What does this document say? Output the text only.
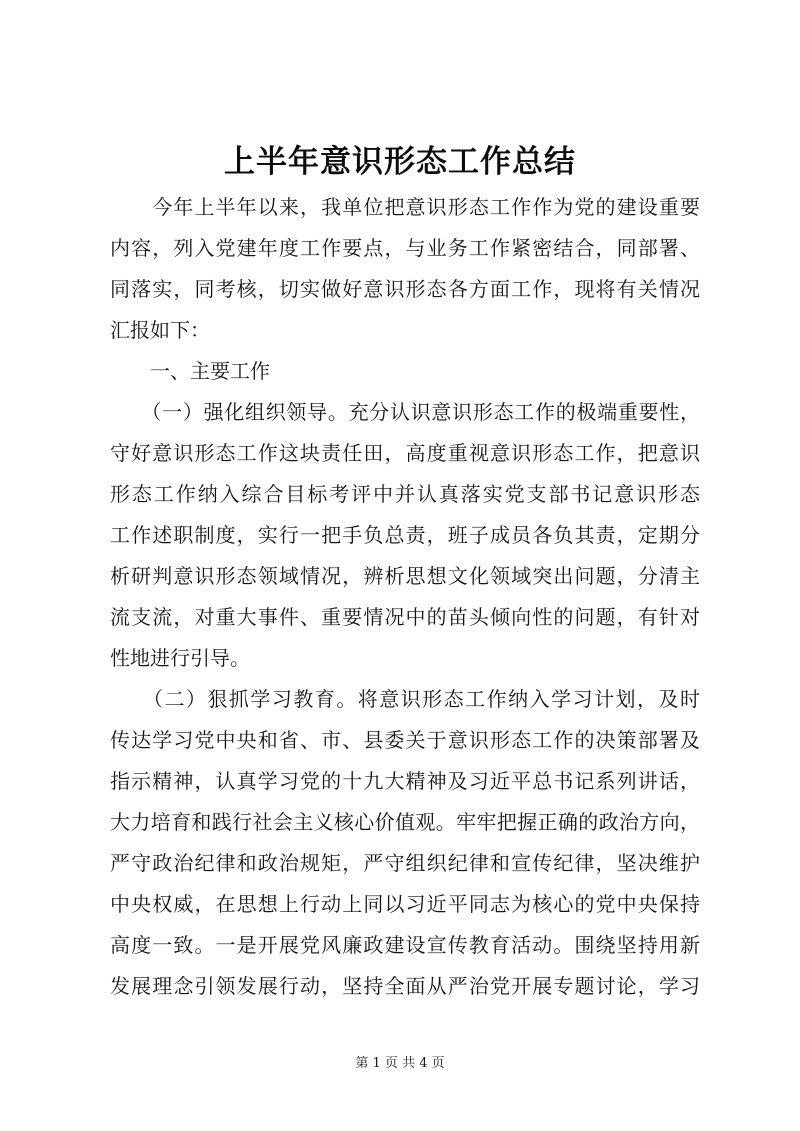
上半年意识形态工作总结
　　今年上半年以来，我单位把意识形态工作作为党的建设重要
内容，列入党建年度工作要点，与业务工作紧密结合，同部署、
同落实，同考核，切实做好意识形态各方面工作，现将有关情况
汇报如下：
　　一、主要工作
　　（一）强化组织领导。充分认识意识形态工作的极端重要性，
守好意识形态工作这块责任田，高度重视意识形态工作，把意识
形态工作纳入综合目标考评中并认真落实党支部书记意识形态
工作述职制度，实行一把手负总责，班子成员各负其责，定期分
析研判意识形态领域情况，辨析思想文化领域突出问题，分清主
流支流，对重大事件、重要情况中的苗头倾向性的问题，有针对
性地进行引导。
　　（二）狠抓学习教育。将意识形态工作纳入学习计划，及时
传达学习党中央和省、市、县委关于意识形态工作的决策部署及
指示精神，认真学习党的十九大精神及习近平总书记系列讲话，
大力培育和践行社会主义核心价值观。牢牢把握正确的政治方向，
严守政治纪律和政治规矩，严守组织纪律和宣传纪律，坚决维护
中央权威，在思想上行动上同以习近平同志为核心的党中央保持
高度一致。一是开展党风廉政建设宣传教育活动。围绕坚持用新
发展理念引领发展行动，坚持全面从严治党开展专题讨论，学习
第 1 页 共 4 页
